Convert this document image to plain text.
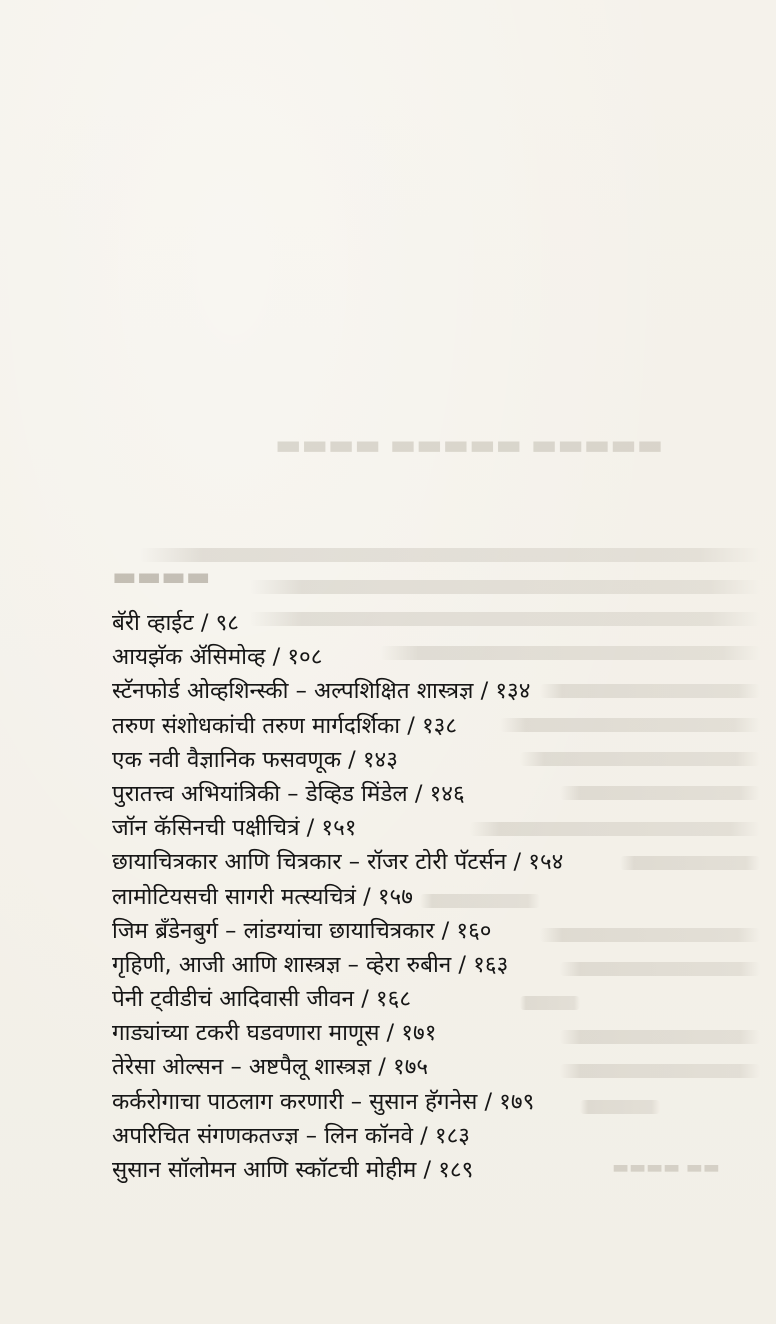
▬▬▬▬ ▬▬▬▬▬ ▬▬▬▬▬
▬▬▬▬
▬▬▬▬ ▬▬
बॅरी व्हाईट / ९८
आयझॅक ॲसिमोव्ह / १०८
स्टॅनफोर्ड ओव्हशिन्स्की – अल्पशिक्षित शास्त्रज्ञ / १३४
तरुण संशोधकांची तरुण मार्गदर्शिका / १३८
एक नवी वैज्ञानिक फसवणूक / १४३
पुरातत्त्व अभियांत्रिकी – डेव्हिड मिंडेल / १४६
जॉन कॅसिनची पक्षीचित्रं / १५१
छायाचित्रकार आणि चित्रकार – रॉजर टोरी पॅटर्सन / १५४
लामोटियसची सागरी मत्स्यचित्रं / १५७
जिम ब्रॅंडेनबुर्ग – लांडग्यांचा छायाचित्रकार / १६०
गृहिणी, आजी आणि शास्त्रज्ञ – व्हेरा रुबीन / १६३
पेनी ट्वीडीचं आदिवासी जीवन / १६८
गाड्यांच्या टकरी घडवणारा माणूस / १७१
तेरेसा ओल्सन – अष्टपैलू शास्त्रज्ञ / १७५
कर्करोगाचा पाठलाग करणारी – सुसान हॅगनेस / १७९
अपरिचित संगणकतज्ज्ञ – लिन कॉनवे / १८३
सुसान सॉलोमन आणि स्कॉटची मोहीम / १८९
